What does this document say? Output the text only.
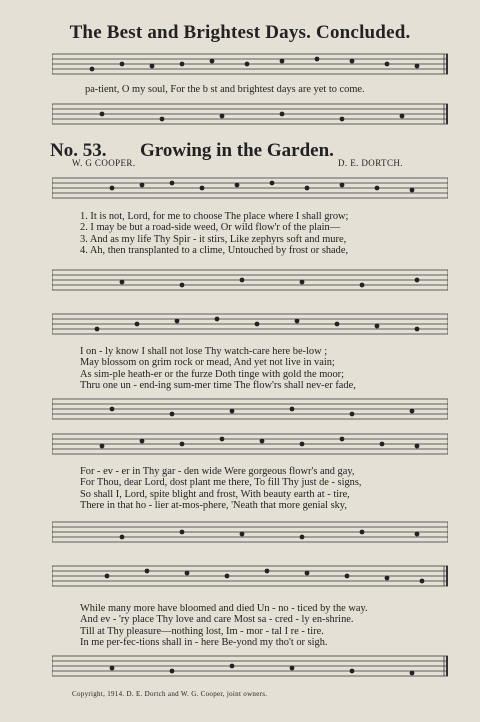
The Best and Brightest Days. Concluded.
pa-tient, O my soul, For the b st and brightest days are yet to come.
No. 53. Growing in the Garden.
W. G COOPER.	D. E. DORTCH.
1. It is not, Lord, for me to choose The place where I shall grow;
2. I may be but a road-side weed, Or wild flow'r of the plain—
3. And as my life Thy Spir - it stirs, Like zephyrs soft and mure,
4. Ah, then transplanted to a clime, Untouched by frost or shade,
I on - ly know I shall not lose Thy watch-care here be-low ;
May blossom on grim rock or mead, And yet not live in vain;
As sim-ple heath-er or the furze Doth tinge with gold the moor;
Thru one un - end-ing sum-mer time The flow'rs shall nev-er fade,
For - ev - er in Thy gar - den wide Were gorgeous flowr's and gay,
For Thou, dear Lord, dost plant me there, To fill Thy just de - signs,
So shall I, Lord, spite blight and frost, With beauty earth at - tire,
There in that ho - lier at-mos-phere, 'Neath that more genial sky,
While many more have bloomed and died Un - no - ticed by the way.
And ev - 'ry place Thy love and care Most sa - cred - ly en-shrine.
Till at Thy pleasure—nothing lost, Im - mor - tal I re - tire.
In me per-fec-tions shall in - here Be-yond my tho't or sigh.
Copyright, 1914. D. E. Dortch and W. G. Cooper, joint owners.
